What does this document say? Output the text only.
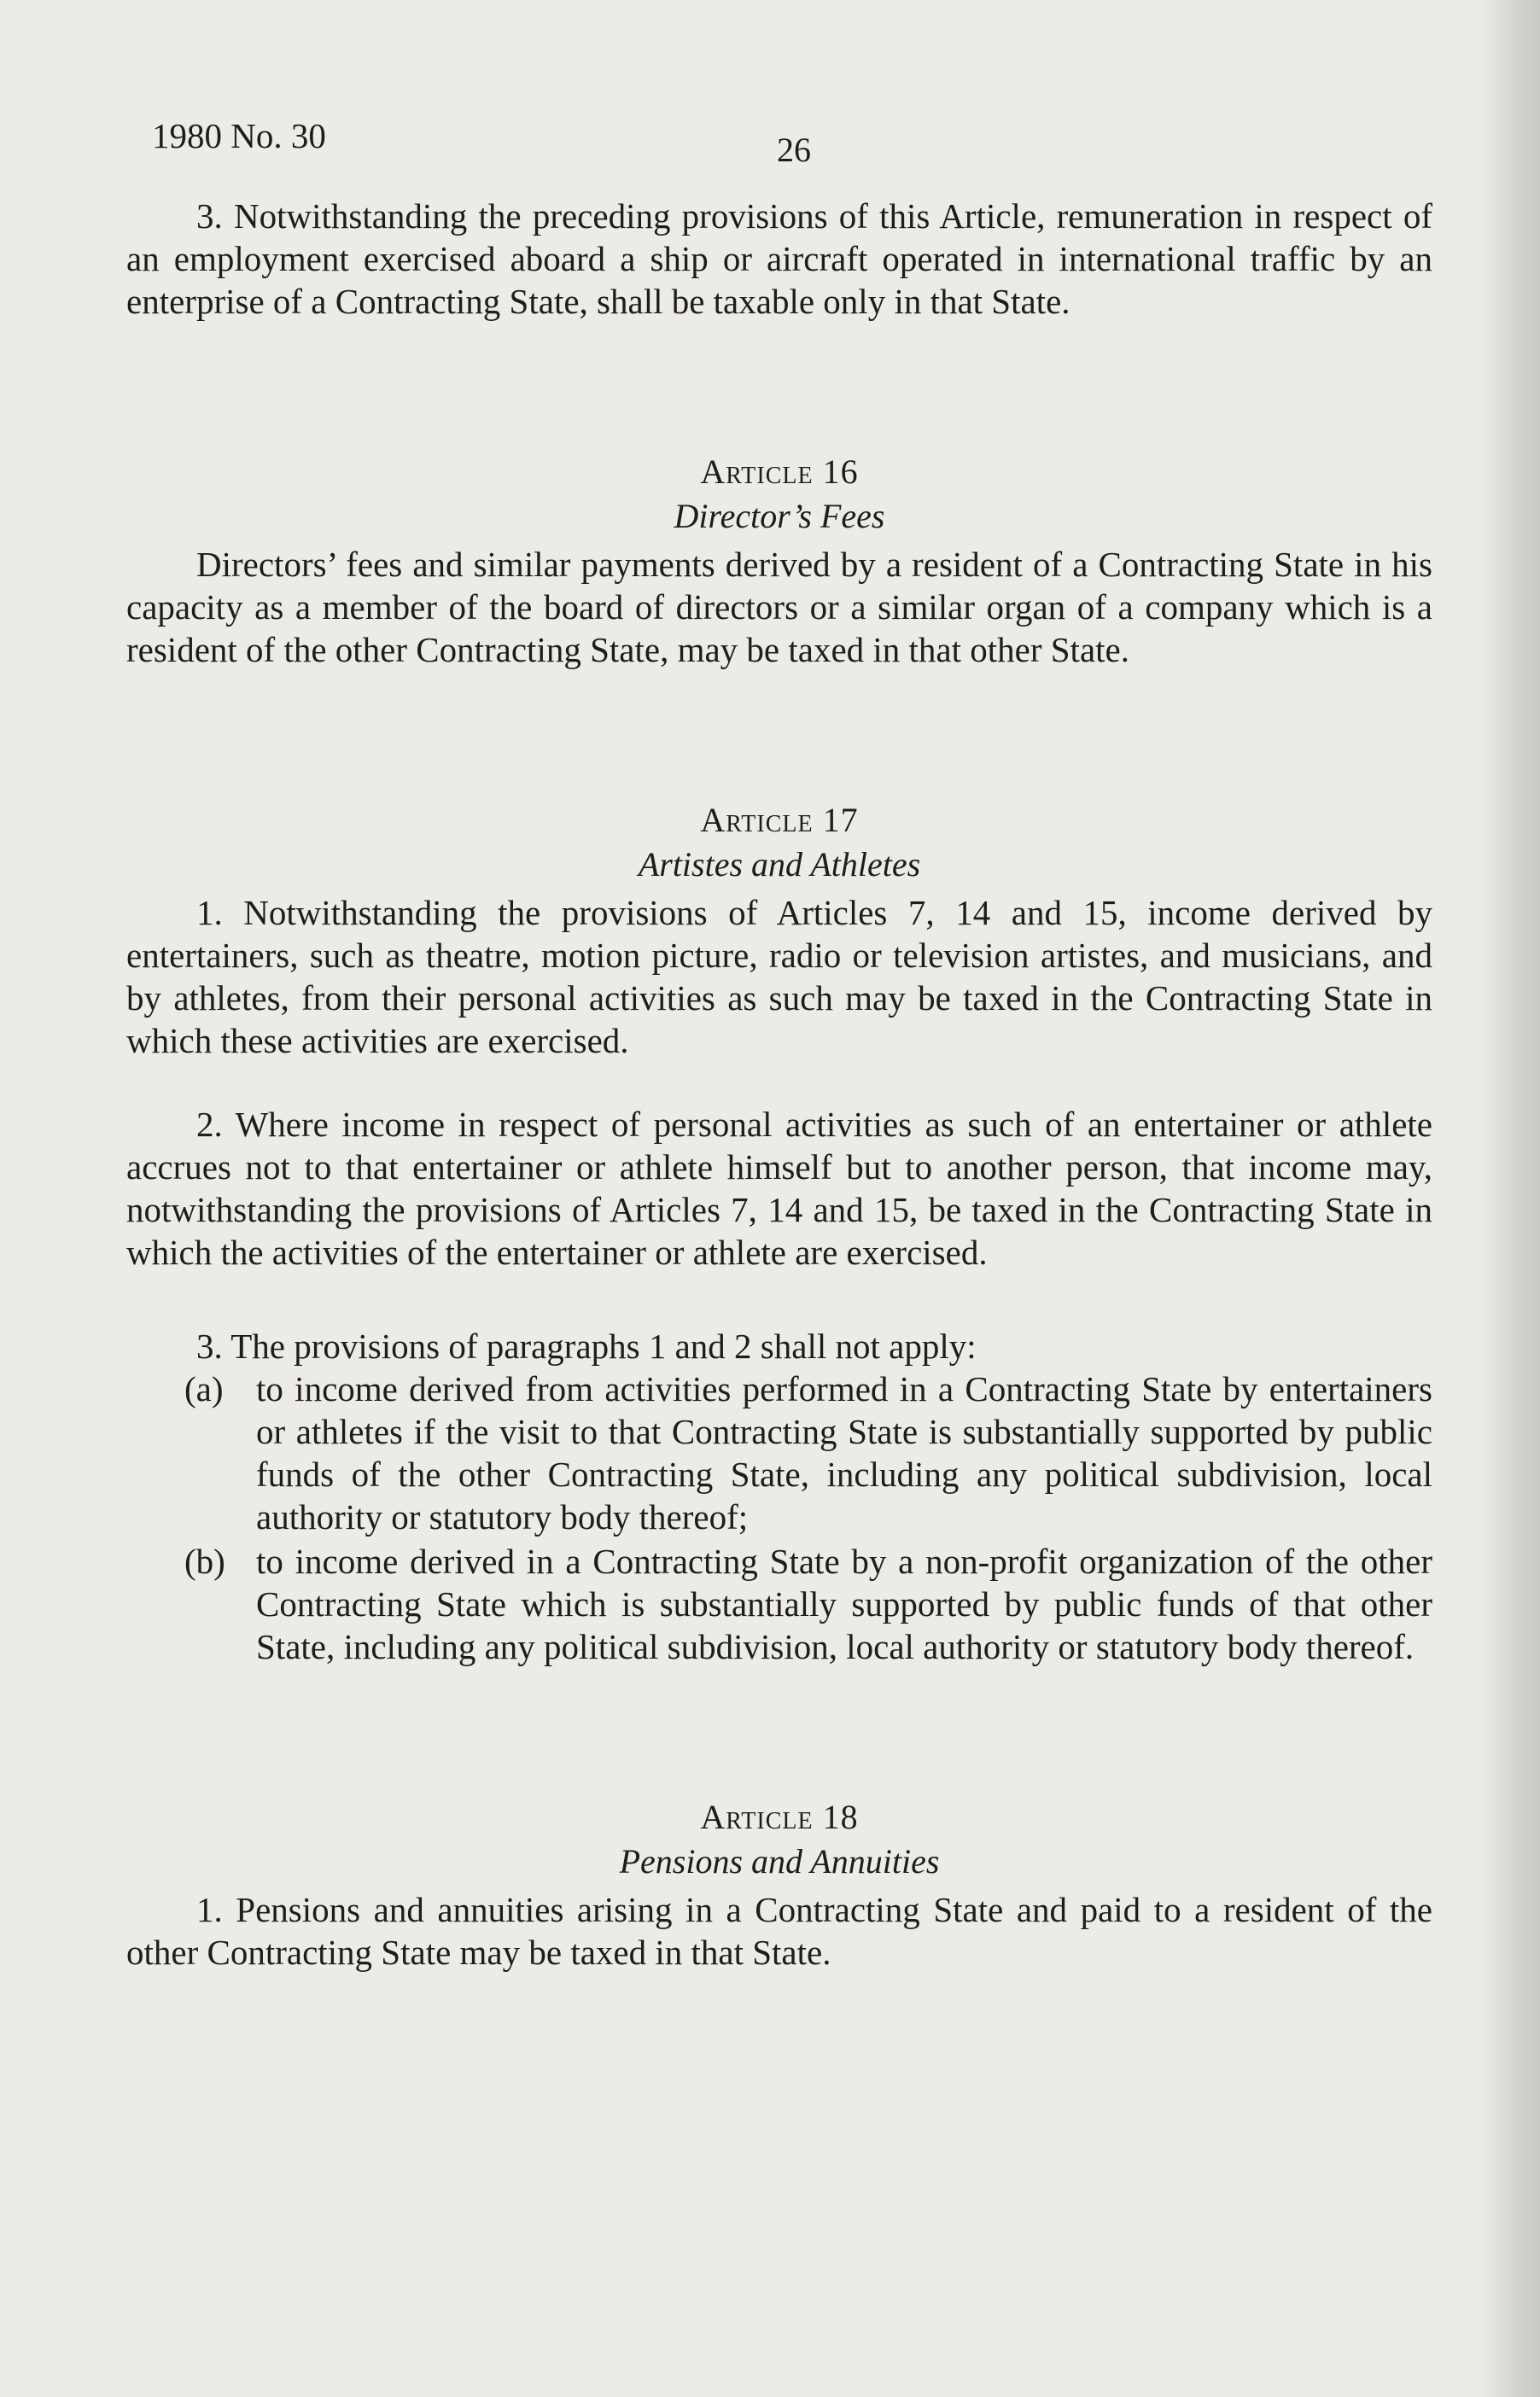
1980 No. 30	26

3. Notwithstanding the preceding provisions of this Article, remuneration in respect of an employment exercised aboard a ship or aircraft operated in international traffic by an enterprise of a Contracting State, shall be taxable only in that State.

Article 16
Director’s Fees

Directors’ fees and similar payments derived by a resident of a Contracting State in his capacity as a member of the board of directors or a similar organ of a company which is a resident of the other Contracting State, may be taxed in that other State.

Article 17
Artistes and Athletes

1. Notwithstanding the provisions of Articles 7, 14 and 15, income derived by entertainers, such as theatre, motion picture, radio or television artistes, and musicians, and by athletes, from their personal activities as such may be taxed in the Contracting State in which these activities are exercised.

2. Where income in respect of personal activities as such of an entertainer or athlete accrues not to that entertainer or athlete himself but to another person, that income may, notwithstanding the provisions of Articles 7, 14 and 15, be taxed in the Contracting State in which the activities of the entertainer or athlete are exercised.

3. The provisions of paragraphs 1 and 2 shall not apply:

(a) to income derived from activities performed in a Contracting State by entertainers or athletes if the visit to that Contracting State is substantially supported by public funds of the other Contracting State, including any political subdivision, local authority or statutory body thereof;
(b) to income derived in a Contracting State by a non-profit organization of the other Contracting State which is substantially supported by public funds of that other State, including any political subdivision, local authority or statutory body thereof.
Article 18
Pensions and Annuities

1. Pensions and annuities arising in a Contracting State and paid to a resident of the other Contracting State may be taxed in that State.
